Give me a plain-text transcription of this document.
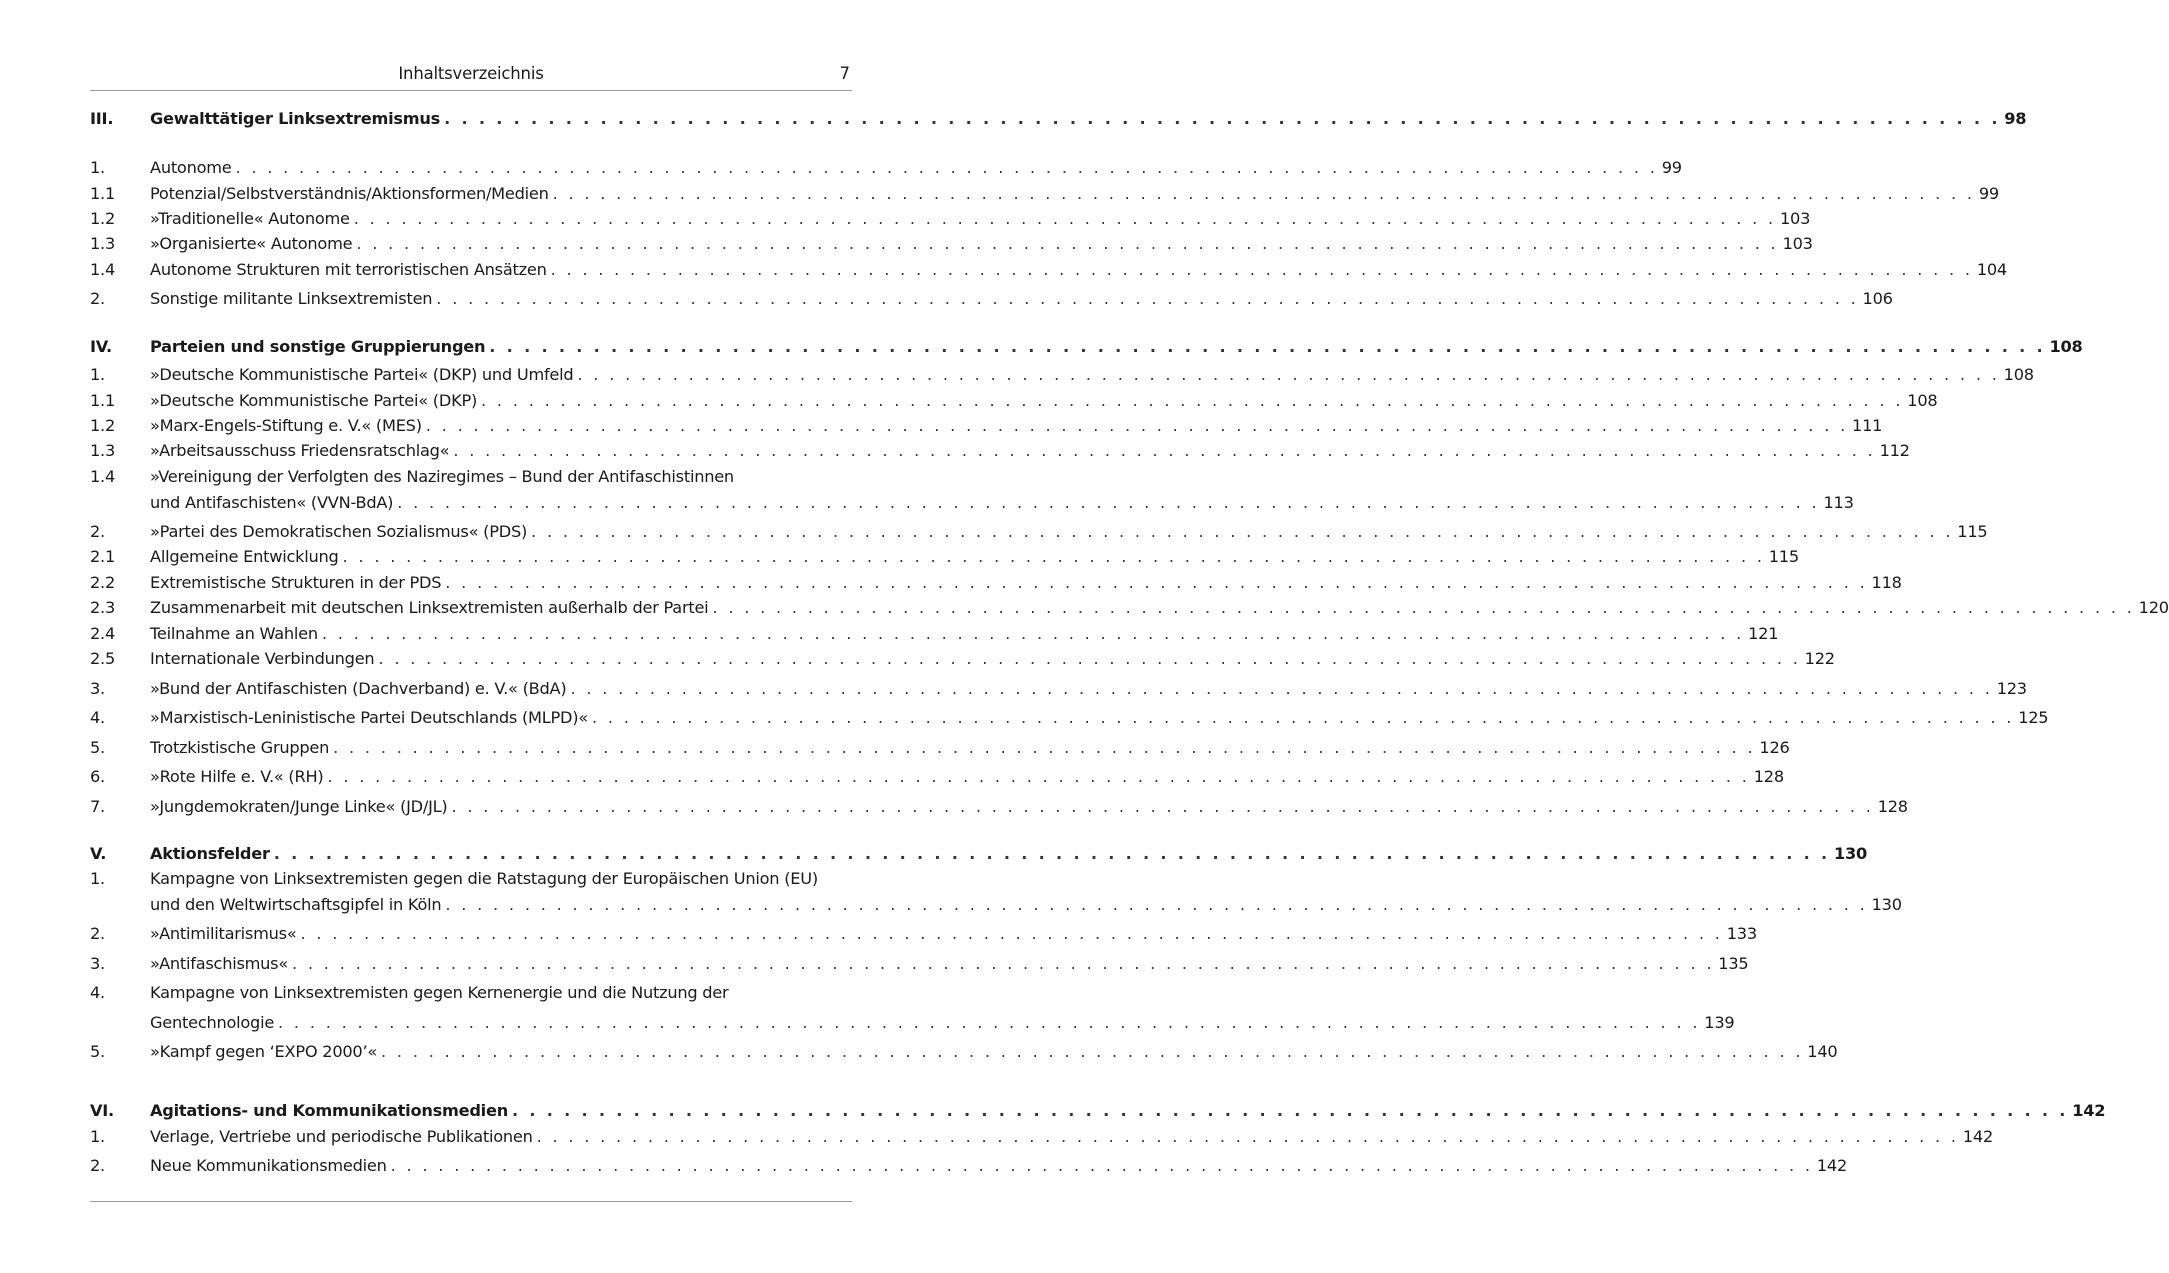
Inhaltsverzeichnis	7
III. Gewalttätiger Linksextremismus . . . . . . . . . . . . . . . . . . . . . . . . . . . . . . . . . . . . . . . . . . . . . . . . . . . . . . . . . . . . . . . . . . . . . . . . . . . . . . . . . . . . . . . . . . 98
1.	Autonome . . . . . . . . . . . . . . . . . . . . . . . . . . . . . . . . . . . . . . . . . . . . . . . . . . . . . . . . . . . . . . . . . . . . . . . . . . . . . . . . . . . . . . . . . . 99
1.1 Potenzial/Selbstverständnis/Aktionsformen/Medien . . . . . . . . . . . . . . . . . . . . . . . . . . . . . . . . . . . . . . . . . . . . . . . . . . . . . . . . . . . . . . . . . . . . . . . . . . . . . . . . . . . . . . . . . . 99
1.2 »Traditionelle« Autonome . . . . . . . . . . . . . . . . . . . . . . . . . . . . . . . . . . . . . . . . . . . . . . . . . . . . . . . . . . . . . . . . . . . . . . . . . . . . . . . . . . . . . . . . . . 103
1.3 »Organisierte« Autonome . . . . . . . . . . . . . . . . . . . . . . . . . . . . . . . . . . . . . . . . . . . . . . . . . . . . . . . . . . . . . . . . . . . . . . . . . . . . . . . . . . . . . . . . . . 103
1.4 Autonome Strukturen mit terroristischen Ansätzen . . . . . . . . . . . . . . . . . . . . . . . . . . . . . . . . . . . . . . . . . . . . . . . . . . . . . . . . . . . . . . . . . . . . . . . . . . . . . . . . . . . . . . . . . . 104
2.	Sonstige militante Linksextremisten . . . . . . . . . . . . . . . . . . . . . . . . . . . . . . . . . . . . . . . . . . . . . . . . . . . . . . . . . . . . . . . . . . . . . . . . . . . . . . . . . . . . . . . . . . 106
IV. Parteien und sonstige Gruppierungen . . . . . . . . . . . . . . . . . . . . . . . . . . . . . . . . . . . . . . . . . . . . . . . . . . . . . . . . . . . . . . . . . . . . . . . . . . . . . . . . . . . . . . . . . . 108
1.	»Deutsche Kommunistische Partei« (DKP) und Umfeld . . . . . . . . . . . . . . . . . . . . . . . . . . . . . . . . . . . . . . . . . . . . . . . . . . . . . . . . . . . . . . . . . . . . . . . . . . . . . . . . . . . . . . . . . . 108
1.1 »Deutsche Kommunistische Partei« (DKP) . . . . . . . . . . . . . . . . . . . . . . . . . . . . . . . . . . . . . . . . . . . . . . . . . . . . . . . . . . . . . . . . . . . . . . . . . . . . . . . . . . . . . . . . . . 108
1.2 »Marx-Engels-Stiftung e. V.« (MES) . . . . . . . . . . . . . . . . . . . . . . . . . . . . . . . . . . . . . . . . . . . . . . . . . . . . . . . . . . . . . . . . . . . . . . . . . . . . . . . . . . . . . . . . . . 111
1.3 »Arbeitsausschuss Friedensratschlag« . . . . . . . . . . . . . . . . . . . . . . . . . . . . . . . . . . . . . . . . . . . . . . . . . . . . . . . . . . . . . . . . . . . . . . . . . . . . . . . . . . . . . . . . . . 112
1.4 »Vereinigung der Verfolgten des Naziregimes – Bund der Antifaschistinnen
und Antifaschisten« (VVN-BdA) . . . . . . . . . . . . . . . . . . . . . . . . . . . . . . . . . . . . . . . . . . . . . . . . . . . . . . . . . . . . . . . . . . . . . . . . . . . . . . . . . . . . . . . . . . 113
2.	»Partei des Demokratischen Sozialismus« (PDS) . . . . . . . . . . . . . . . . . . . . . . . . . . . . . . . . . . . . . . . . . . . . . . . . . . . . . . . . . . . . . . . . . . . . . . . . . . . . . . . . . . . . . . . . . . 115
2.1 Allgemeine Entwicklung . . . . . . . . . . . . . . . . . . . . . . . . . . . . . . . . . . . . . . . . . . . . . . . . . . . . . . . . . . . . . . . . . . . . . . . . . . . . . . . . . . . . . . . . . . 115
2.2 Extremistische Strukturen in der PDS . . . . . . . . . . . . . . . . . . . . . . . . . . . . . . . . . . . . . . . . . . . . . . . . . . . . . . . . . . . . . . . . . . . . . . . . . . . . . . . . . . . . . . . . . . 118
2.3 Zusammenarbeit mit deutschen Linksextremisten außerhalb der Partei . . . . . . . . . . . . . . . . . . . . . . . . . . . . . . . . . . . . . . . . . . . . . . . . . . . . . . . . . . . . . . . . . . . . . . . . . . . . . . . . . . . . . . . . . . 120
2.4 Teilnahme an Wahlen . . . . . . . . . . . . . . . . . . . . . . . . . . . . . . . . . . . . . . . . . . . . . . . . . . . . . . . . . . . . . . . . . . . . . . . . . . . . . . . . . . . . . . . . . . 121
2.5 Internationale Verbindungen . . . . . . . . . . . . . . . . . . . . . . . . . . . . . . . . . . . . . . . . . . . . . . . . . . . . . . . . . . . . . . . . . . . . . . . . . . . . . . . . . . . . . . . . . . 122
3.	»Bund der Antifaschisten (Dachverband) e. V.« (BdA) . . . . . . . . . . . . . . . . . . . . . . . . . . . . . . . . . . . . . . . . . . . . . . . . . . . . . . . . . . . . . . . . . . . . . . . . . . . . . . . . . . . . . . . . . . 123
4.	»Marxistisch-Leninistische Partei Deutschlands (MLPD)« . . . . . . . . . . . . . . . . . . . . . . . . . . . . . . . . . . . . . . . . . . . . . . . . . . . . . . . . . . . . . . . . . . . . . . . . . . . . . . . . . . . . . . . . . . 125
5.	Trotzkistische Gruppen . . . . . . . . . . . . . . . . . . . . . . . . . . . . . . . . . . . . . . . . . . . . . . . . . . . . . . . . . . . . . . . . . . . . . . . . . . . . . . . . . . . . . . . . . . 126
6.	»Rote Hilfe e. V.« (RH) . . . . . . . . . . . . . . . . . . . . . . . . . . . . . . . . . . . . . . . . . . . . . . . . . . . . . . . . . . . . . . . . . . . . . . . . . . . . . . . . . . . . . . . . . . 128
7.	»Jungdemokraten/Junge Linke« (JD/JL) . . . . . . . . . . . . . . . . . . . . . . . . . . . . . . . . . . . . . . . . . . . . . . . . . . . . . . . . . . . . . . . . . . . . . . . . . . . . . . . . . . . . . . . . . . 128
V.	Aktionsfelder . . . . . . . . . . . . . . . . . . . . . . . . . . . . . . . . . . . . . . . . . . . . . . . . . . . . . . . . . . . . . . . . . . . . . . . . . . . . . . . . . . . . . . . . . . 130
1.	Kampagne von Linksextremisten gegen die Ratstagung der Europäischen Union (EU)
und den Weltwirtschaftsgipfel in Köln . . . . . . . . . . . . . . . . . . . . . . . . . . . . . . . . . . . . . . . . . . . . . . . . . . . . . . . . . . . . . . . . . . . . . . . . . . . . . . . . . . . . . . . . . . 130
2.	»Antimilitarismus« . . . . . . . . . . . . . . . . . . . . . . . . . . . . . . . . . . . . . . . . . . . . . . . . . . . . . . . . . . . . . . . . . . . . . . . . . . . . . . . . . . . . . . . . . . 133
3.	»Antifaschismus« . . . . . . . . . . . . . . . . . . . . . . . . . . . . . . . . . . . . . . . . . . . . . . . . . . . . . . . . . . . . . . . . . . . . . . . . . . . . . . . . . . . . . . . . . . 135
4.	Kampagne von Linksextremisten gegen Kernenergie und die Nutzung der
Gentechnologie . . . . . . . . . . . . . . . . . . . . . . . . . . . . . . . . . . . . . . . . . . . . . . . . . . . . . . . . . . . . . . . . . . . . . . . . . . . . . . . . . . . . . . . . . . 139
5.	»Kampf gegen ‘EXPO 2000’« . . . . . . . . . . . . . . . . . . . . . . . . . . . . . . . . . . . . . . . . . . . . . . . . . . . . . . . . . . . . . . . . . . . . . . . . . . . . . . . . . . . . . . . . . . 140
VI. Agitations- und Kommunikationsmedien . . . . . . . . . . . . . . . . . . . . . . . . . . . . . . . . . . . . . . . . . . . . . . . . . . . . . . . . . . . . . . . . . . . . . . . . . . . . . . . . . . . . . . . . . . 142
1.	Verlage, Vertriebe und periodische Publikationen . . . . . . . . . . . . . . . . . . . . . . . . . . . . . . . . . . . . . . . . . . . . . . . . . . . . . . . . . . . . . . . . . . . . . . . . . . . . . . . . . . . . . . . . . . 142
2.	Neue Kommunikationsmedien . . . . . . . . . . . . . . . . . . . . . . . . . . . . . . . . . . . . . . . . . . . . . . . . . . . . . . . . . . . . . . . . . . . . . . . . . . . . . . . . . . . . . . . . . . 142
